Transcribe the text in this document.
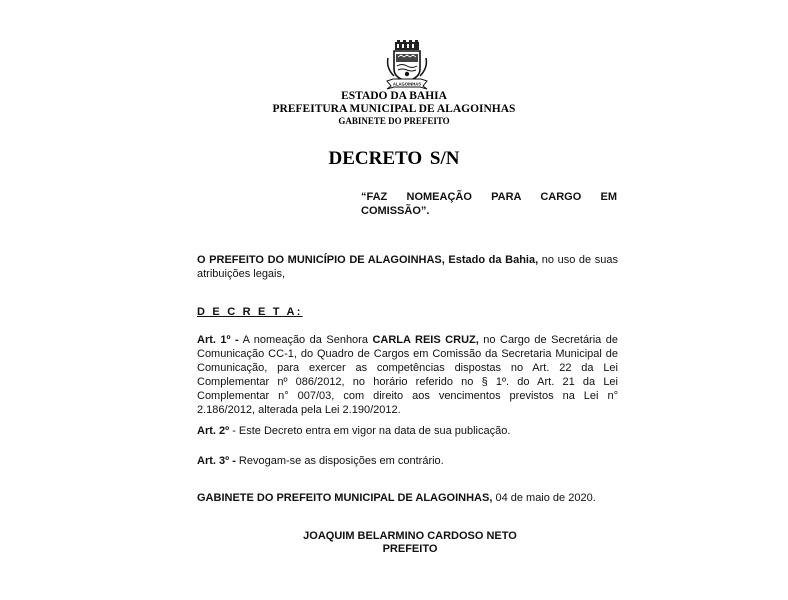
ALAGOINHAS
ESTADO DA BAHIA
PREFEITURA MUNICIPAL DE ALAGOINHAS
GABINETE DO PREFEITO
DECRETO S/N
“FAZ NOMEAÇÃO PARA CARGO EM COMISSÃO”.
O PREFEITO DO MUNICÍPIO DE ALAGOINHAS, Estado da Bahia, no uso de suas atribuições legais,
D E C R E T A:
Art. 1º - A nomeação da Senhora CARLA REIS CRUZ, no Cargo de Secretária de Comunicação CC-1, do Quadro de Cargos em Comissão da Secretaria Municipal de Comunicação, para exercer as competências dispostas no Art. 22 da Lei Complementar nº 086/2012, no horário referido no § 1º. do Art. 21 da Lei Complementar n° 007/03, com direito aos vencimentos previstos na Lei n° 2.186/2012, alterada pela Lei 2.190/2012.
Art. 2º - Este Decreto entra em vigor na data de sua publicação.
Art. 3º - Revogam-se as disposições em contrário.
GABINETE DO PREFEITO MUNICIPAL DE ALAGOINHAS, 04 de maio de 2020.
JOAQUIM BELARMINO CARDOSO NETO
PREFEITO
